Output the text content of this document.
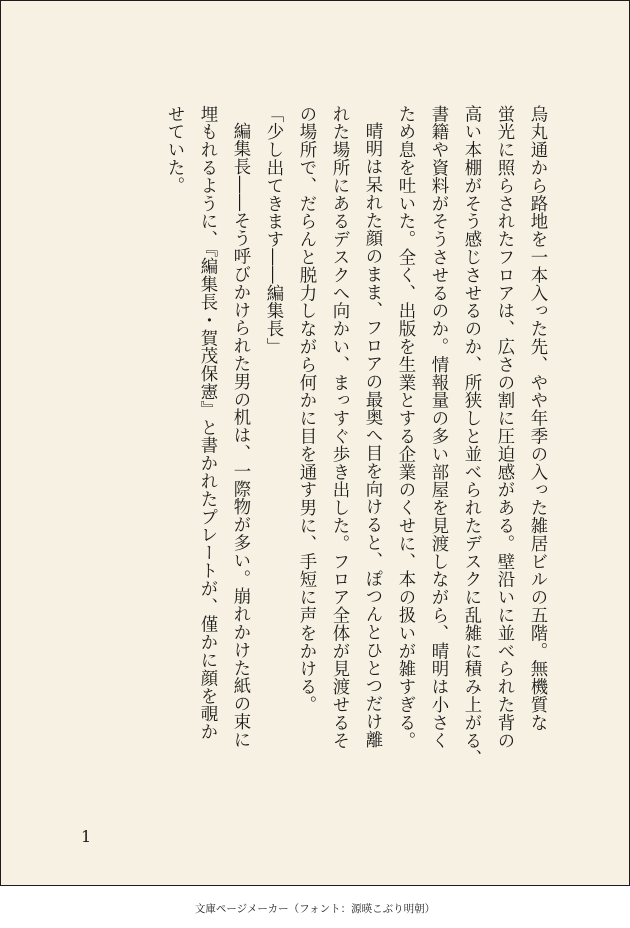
烏丸通から路地を一本入った先、やや年季の入った雑居ビルの五階。無機質な
蛍光に照らされたフロアは、広さの割に圧迫感がある。壁沿いに並べられた背の
高い本棚がそう感じさせるのか、所狭しと並べられたデスクに乱雑に積み上がる、
書籍や資料がそうさせるのか。情報量の多い部屋を見渡しながら、晴明は小さく
ため息を吐いた。全く、出版を生業とする企業のくせに、本の扱いが雑すぎる。

晴明は呆れた顔のまま、フロアの最奥へ目を向けると、ぽつんとひとつだけ離

れた場所にあるデスクへ向かい、まっすぐ歩き出した。フロア全体が見渡せるそ
の場所で、だらんと脱力しながら何かに目を通す男に、手短に声をかける。

「少し出てきます――編集長」

編集長――そう呼びかけられた男の机は、一際物が多い。崩れかけた紙の束に

埋もれるように、『編集長・賀茂保憲』と書かれたプレートが、僅かに顔を覗か
せていた。

1
文庫ページメーカー（フォント：源暎こぶり明朝）
